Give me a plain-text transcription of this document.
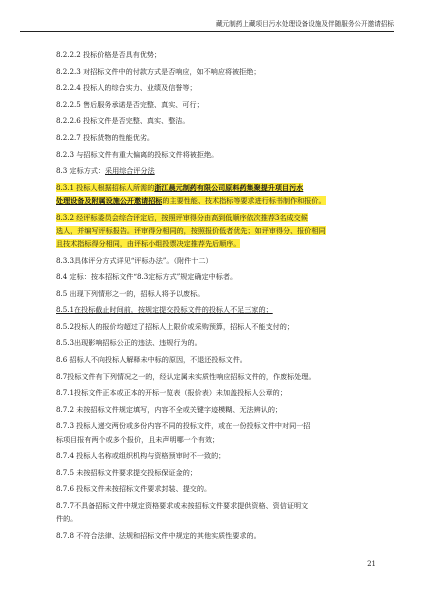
藏元制药上藏项目污水处理设备设施及伴随服务公开邀请招标
8.2.2.2 投标价格是否具有优势；
8.2.2.3 对招标文件中的付款方式是否响应，如不响应将被拒绝；
8.2.2.4 投标人的综合实力、业绩及信誉等；
8.2.2.5 售后服务承诺是否完整、真实、可行；
8.2.2.6 投标文件是否完整、真实、整洁。
8.2.2.7 投标货物的性能优劣。
8.2.3 与招标文件有重大偏离的投标文件将被拒绝。
8.3 定标方式：采用综合评分法
8.3.1 投标人根据招标人所需的浙江晨元制药有限公司原料药集聚提升项目污水
处理设备及附属设施公开邀请招标的主要性能、技术指标等要求进行标书制作和报价。
8.3.2 经评标委员会综合评定后，按照评审得分由高到低顺序依次推荐3名成交候
选人，并编写评标报告。评审得分相同的，按照报价低者优先；如评审得分、报价相同
且技术指标得分相同，由评标小组投票决定推荐先后顺序。
8.3.3具体评分方式详见“评标办法”。（附件十二）
8.4 定标：按本招标文件“8.3定标方式”规定确定中标者。
8.5 出现下列情形之一的，招标人将予以废标。
8.5.1在投标截止时间前，按规定提交投标文件的投标人不足三家的；
8.5.2投标人的报价均超过了招标人上限价或采购预算，招标人不能支付的；
8.5.3出现影响招标公正的违法、违规行为的。
8.6 招标人不向投标人解释未中标的原因，不退还投标文件。
8.7投标文件有下列情况之一的，经认定属未实质性响应招标文件的，作废标处理。
8.7.1投标文件正本或正本的开标一览表（报价表）未加盖投标人公章的；
8.7.2 未按招标文件规定填写，内容不全或关键字迹模糊、无法辨认的；
8.7.3 投标人递交两份或多份内容不同的投标文件，或在一份投标文件中对同一招
标项目报有两个或多个报价，且未声明哪一个有效；
8.7.4 投标人名称或组织机构与资格预审时不一致的；
8.7.5 未按招标文件要求提交投标保证金的；
8.7.6 投标文件未按招标文件要求封装、提交的。
8.7.7不具备招标文件中规定资格要求或未按招标文件要求提供资格、资信证明文
件的。
8.7.8 不符合法律、法规和招标文件中规定的其他实质性要求的。
21
